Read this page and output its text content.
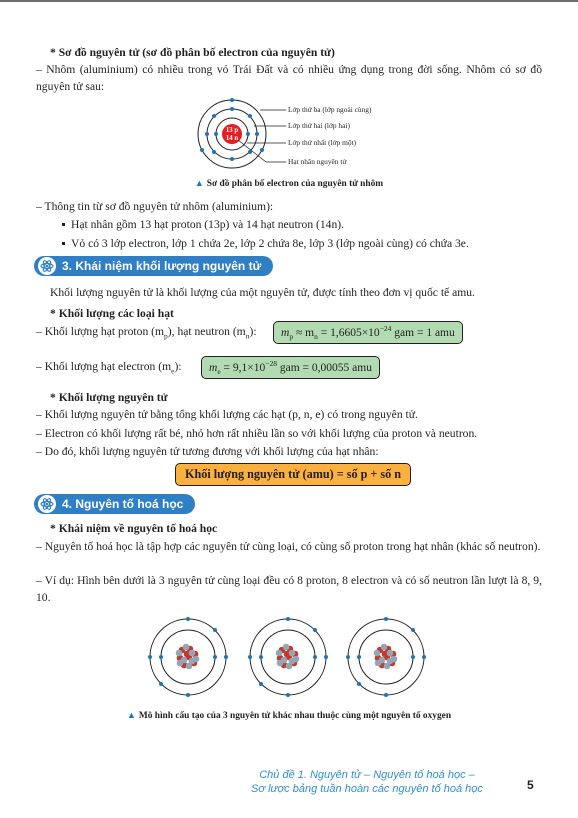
* Sơ đồ nguyên tử (sơ đồ phân bố electron của nguyên tử)

– Nhôm (aluminium) có nhiều trong vỏ Trái Đất và có nhiều ứng dụng trong đời sống. Nhôm có sơ đồ nguyên tử sau:

13 p
14 n
Lớp thứ ba (lớp ngoài cùng)
Lớp thứ hai (lớp hai)
Lớp thứ nhất (lớp một)
Hạt nhân nguyên tử
▲ Sơ đồ phân bố electron của nguyên tử nhôm

– Thông tin từ sơ đồ nguyên tử nhôm (aluminium):

Hạt nhân gồm 13 hạt proton (13p) và 14 hạt neutron (14n).

Vỏ có 3 lớp electron, lớp 1 chứa 2e, lớp 2 chứa 8e, lớp 3 (lớp ngoài cùng) có chứa 3e.

3. Khái niệm khối lượng nguyên tử

Khối lượng nguyên tử là khối lượng của một nguyên tử, được tính theo đơn vị quốc tế amu.

* Khối lượng các loại hạt

– Khối lượng hạt proton $(m_p)$, hạt neutron $(m_n)$:	$m_p \approx m_n = 1,6605\times 10^{-24}$ gam = 1 amu

– Khối lượng hạt electron $(m_e)$:	$m_e = 9,1\times 10^{-28}$ gam = 0,00055 amu

* Khối lượng nguyên tử

– Khối lượng nguyên tử bằng tổng khối lượng các hạt (p, n, e) có trong nguyên tử.

– Electron có khối lượng rất bé, nhỏ hơn rất nhiều lần so với khối lượng của proton và neutron.

– Do đó, khối lượng nguyên tử tương đương với khối lượng của hạt nhân:

Khối lượng nguyên tử (amu) = số p + số n
4. Nguyên tố hoá học

* Khái niệm về nguyên tố hoá học

– Nguyên tố hoá học là tập hợp các nguyên tử cùng loại, có cùng số proton trong hạt nhân (khác số neutron).

– Ví dụ: Hình bên dưới là 3 nguyên tử cùng loại đều có 8 proton, 8 electron và có số neutron lần lượt là 8, 9, 10.

▲ Mô hình cấu tạo của 3 nguyên tử khác nhau thuộc cùng một nguyên tố oxygen
Chủ đề 1. Nguyên tử – Nguyên tố hoá học –
Sơ lược bảng tuần hoàn các nguyên tố hoá học	5
